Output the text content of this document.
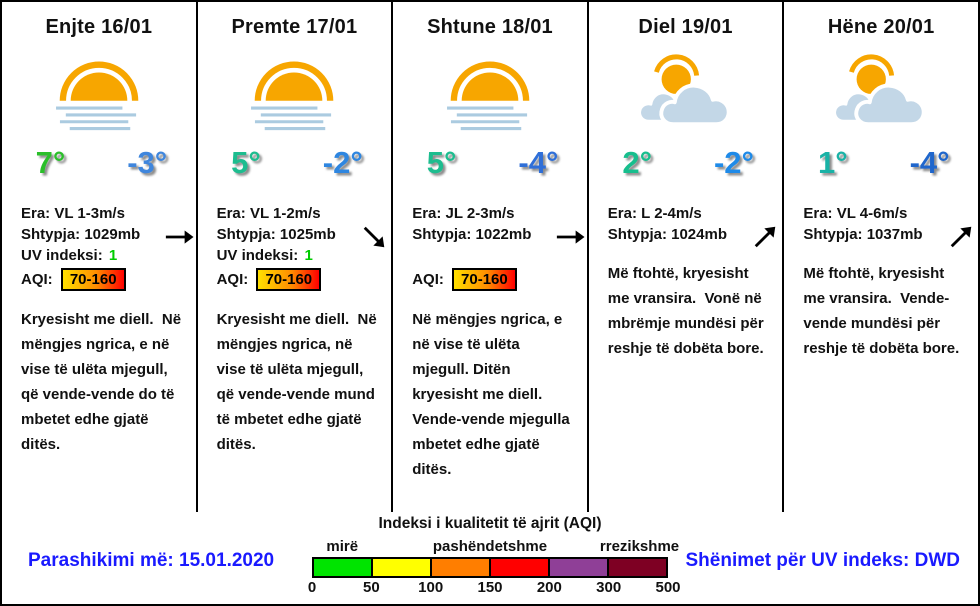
Enjte 16/01
7°	-3°
Era: VL 1-3m/s
Shtypja: 1029mb
UV indeksi: 1
AQI: 70-160

Kryesisht me diell.  Në mëngjes ngrica, e në vise të ulëta mjegull, që vende-vende do të mbetet edhe gjatë ditës.

Premte 17/01
5°	-2°
Era: VL 1-2m/s
Shtypja: 1025mb
UV indeksi: 1
AQI: 70-160

Kryesisht me diell.  Në mëngjes ngrica, në vise të ulëta mjegull, që vende-vende mund të mbetet edhe gjatë ditës.

Shtune 18/01
5°	-4°
Era: JL 2-3m/s
Shtypja: 1022mb
AQI: 70-160

Në mëngjes ngrica, e në vise të ulëta mjegull. Ditën kryesisht me diell. Vende-vende mjegulla mbetet edhe gjatë ditës.

Diel 19/01
2°	-2°
Era: L 2-4m/s
Shtypja: 1024mb

Më ftohtë, kryesisht me vransira.  Vonë në mbrëmje mundësi për reshje të dobëta bore.

Hëne 20/01
1°	-4°
Era: VL 4-6m/s
Shtypja: 1037mb

Më ftohtë, kryesisht me vransira.  Vende-vende mundësi për reshje të dobëta bore.

Indeksi i kualitetit të ajrit (AQI)
mirë	pashëndetshme	rrezikshme
0	50	100 150 200 300 500
Parashikimi më: 15.01.2020	Shënimet për UV indeks: DWD
